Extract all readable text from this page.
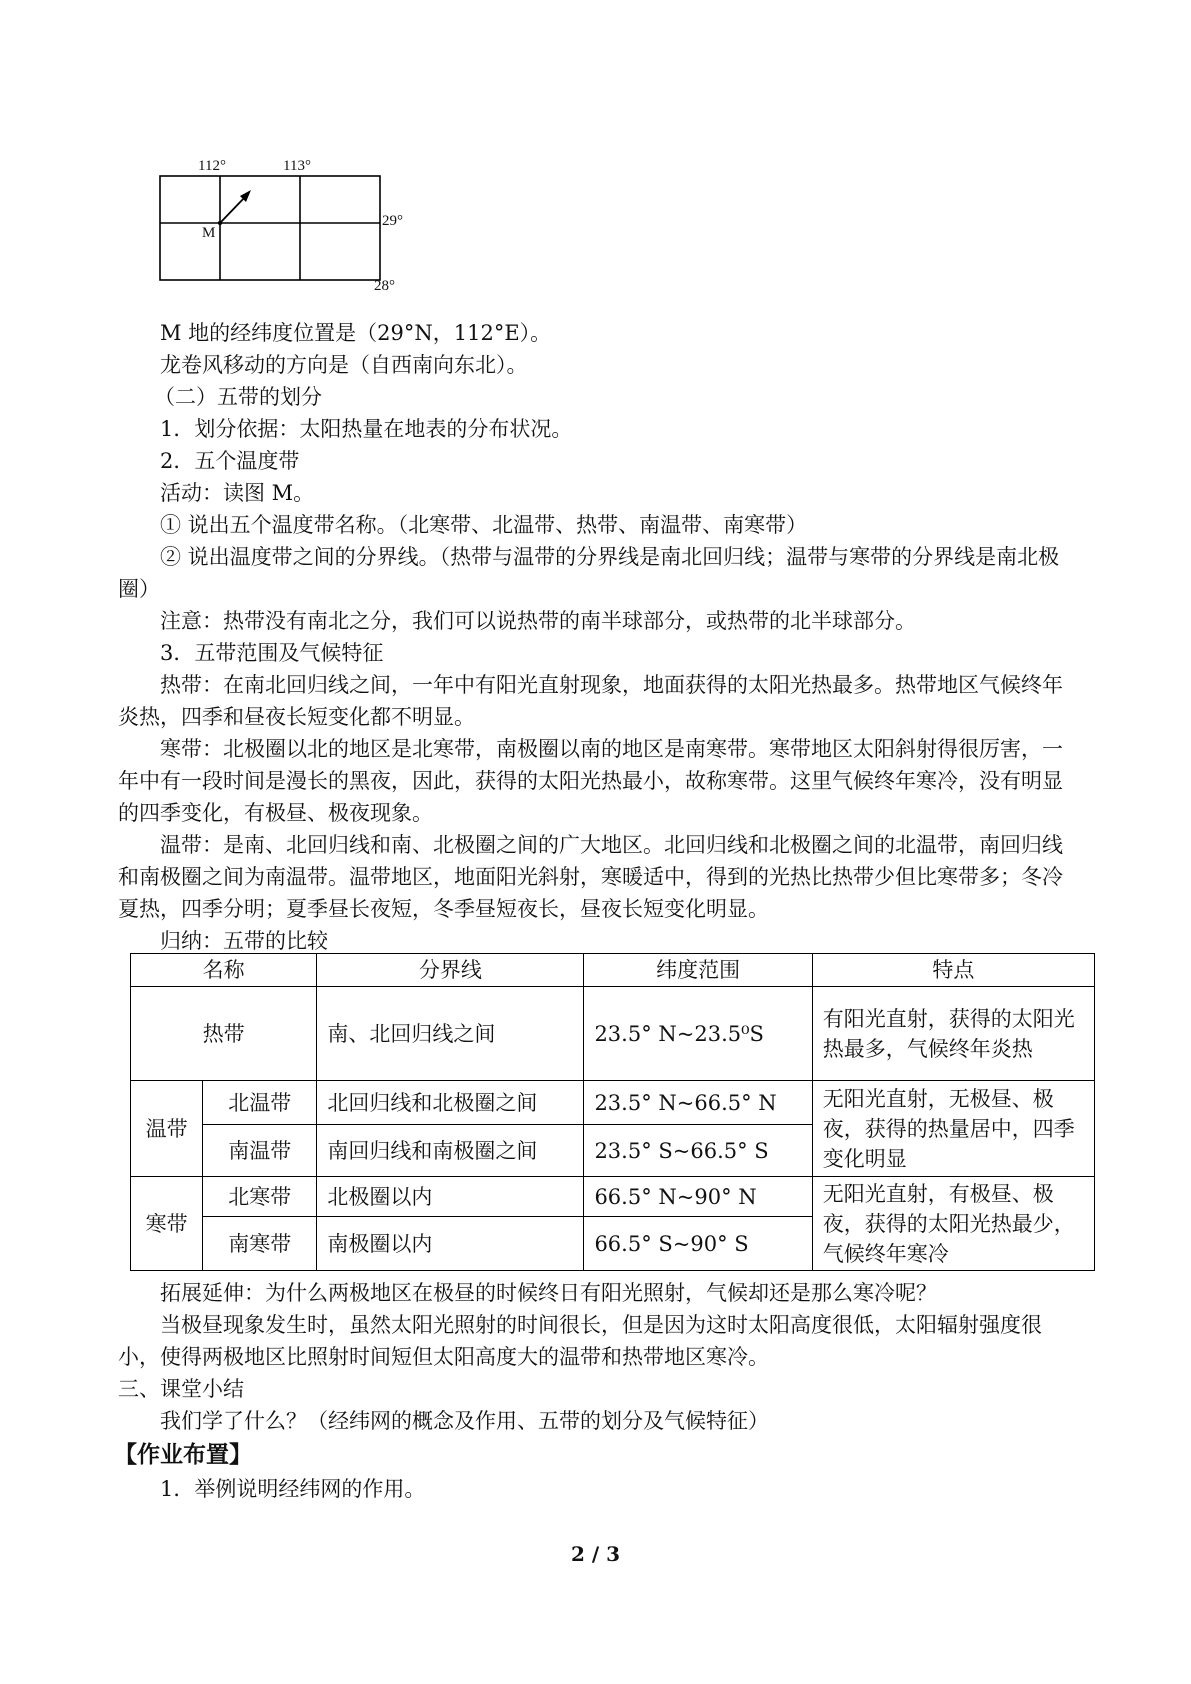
112°	113°
29°
28°
M

M 地的经纬度位置是（29°N，112°E）。

龙卷风移动的方向是（自西南向东北）。

（二）五带的划分

1．划分依据：太阳热量在地表的分布状况。

2．五个温度带

活动：读图 M。

① 说出五个温度带名称。（北寒带、北温带、热带、南温带、南寒带）

② 说出温度带之间的分界线。（热带与温带的分界线是南北回归线；温带与寒带的分界线是南北极圈）

注意：热带没有南北之分，我们可以说热带的南半球部分，或热带的北半球部分。

3．五带范围及气候特征

热带：在南北回归线之间，一年中有阳光直射现象，地面获得的太阳光热最多。热带地区气候终年炎热，四季和昼夜长短变化都不明显。

寒带：北极圈以北的地区是北寒带，南极圈以南的地区是南寒带。寒带地区太阳斜射得很厉害，一年中有一段时间是漫长的黑夜，因此，获得的太阳光热最小，故称寒带。这里气候终年寒冷，没有明显的四季变化，有极昼、极夜现象。

温带：是南、北回归线和南、北极圈之间的广大地区。北回归线和北极圈之间的北温带，南回归线和南极圈之间为南温带。温带地区，地面阳光斜射，寒暖适中，得到的光热比热带少但比寒带多；冬冷夏热，四季分明；夏季昼长夜短，冬季昼短夜长，昼夜长短变化明显。

归纳：五带的比较

名称		分界线	纬度范围	特点
热带		南、北回归线之间	23.5° N~23.5⁰S	有阳光直射，获得的太阳光热最多，气候终年炎热
温带	北温带	北回归线和北极圈之间	23.5° N~66.5° N	无阳光直射，无极昼、极夜，获得的热量居中，四季变化明显
	南温带	南回归线和南极圈之间	23.5° S~66.5° S	
寒带	北寒带	北极圈以内	66.5° N~90° N	无阳光直射，有极昼、极夜，获得的太阳光热最少，气候终年寒冷
	南寒带	南极圈以内	66.5° S~90° S	

拓展延伸：为什么两极地区在极昼的时候终日有阳光照射，气候却还是那么寒冷呢？

当极昼现象发生时，虽然太阳光照射的时间很长，但是因为这时太阳高度很低，太阳辐射强度很小，使得两极地区比照射时间短但太阳高度大的温带和热带地区寒冷。

三、课堂小结

我们学了什么？（经纬网的概念及作用、五带的划分及气候特征）

【作业布置】

1．举例说明经纬网的作用。

2 / 3
